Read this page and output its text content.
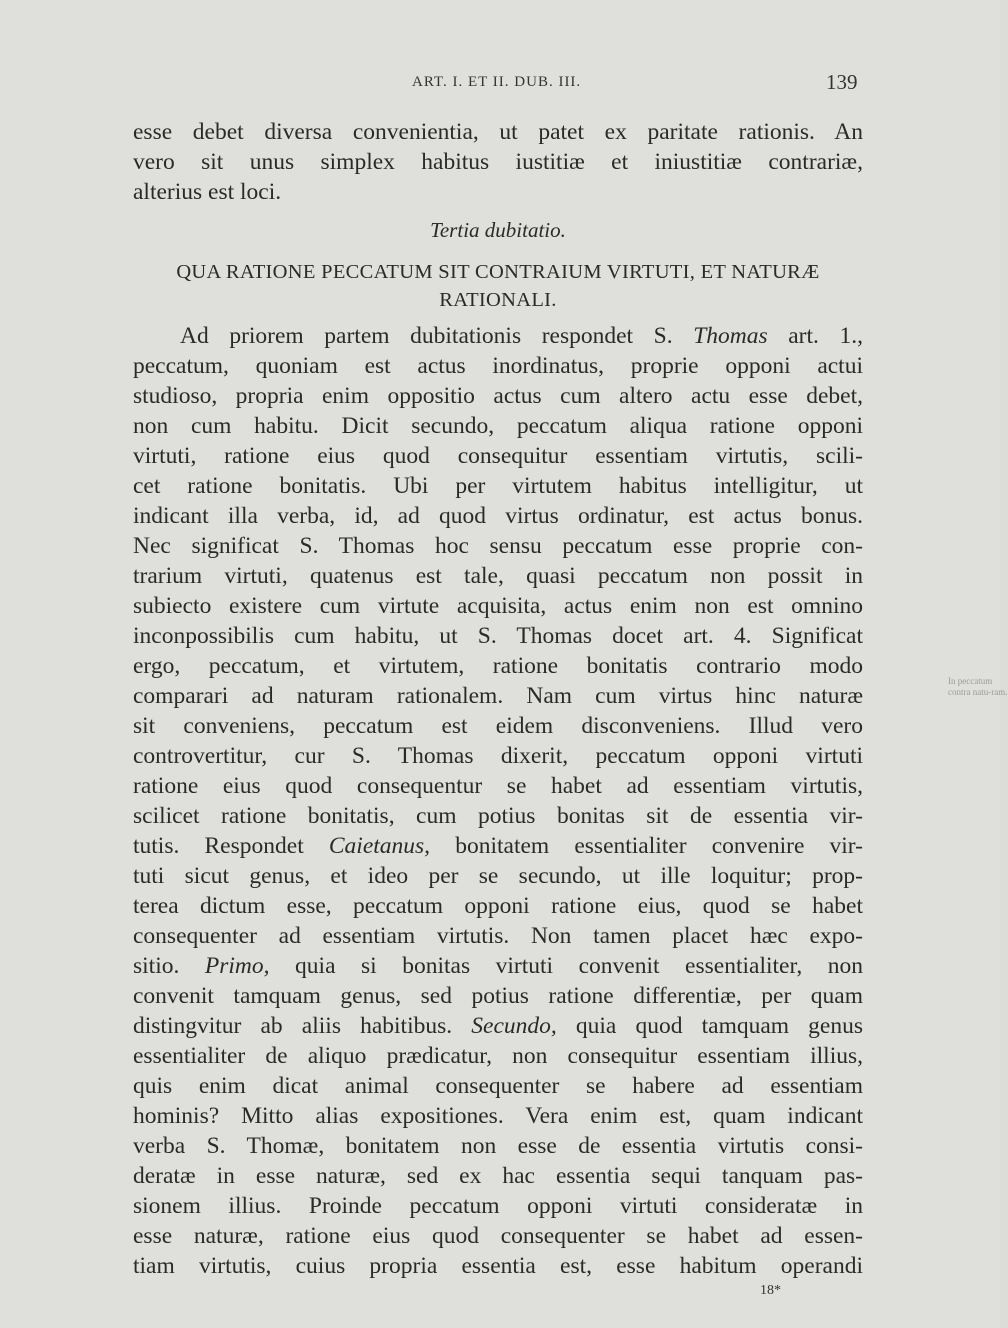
ART. I. ET II. DUB. III.	139
esse debet diversa convenientia, ut patet ex paritate rationis. An
vero sit unus simplex habitus iustitiæ et iniustitiæ contrariæ,
alterius est loci.
Tertia dubitatio.
QUA RATIONE PECCATUM SIT CONTRAIUM VIRTUTI, ET NATURÆ
RATIONALI.
Ad priorem partem dubitationis respondet S. Thomas art. 1.,
peccatum, quoniam est actus inordinatus, proprie opponi actui
studioso, propria enim oppositio actus cum altero actu esse debet,
non cum habitu. Dicit secundo, peccatum aliqua ratione opponi
virtuti, ratione eius quod consequitur essentiam virtutis, scili-
cet ratione bonitatis. Ubi per virtutem habitus intelligitur, ut
indicant illa verba, id, ad quod virtus ordinatur, est actus bonus.
Nec significat S. Thomas hoc sensu peccatum esse proprie con-
trarium virtuti, quatenus est tale, quasi peccatum non possit in
subiecto existere cum virtute acquisita, actus enim non est omnino
inconpossibilis cum habitu, ut S. Thomas docet art. 4. Significat
ergo, peccatum, et virtutem, ratione bonitatis contrario modo
comparari ad naturam rationalem. Nam cum virtus hinc naturæ
sit conveniens, peccatum est eidem disconveniens. Illud vero
controvertitur, cur S. Thomas dixerit, peccatum opponi virtuti
ratione eius quod consequentur se habet ad essentiam virtutis,
scilicet ratione bonitatis, cum potius bonitas sit de essentia vir-
tutis. Respondet Caietanus, bonitatem essentialiter convenire vir-
tuti sicut genus, et ideo per se secundo, ut ille loquitur; prop-
terea dictum esse, peccatum opponi ratione eius, quod se habet
consequenter ad essentiam virtutis. Non tamen placet hæc expo-
sitio. Primo, quia si bonitas virtuti convenit essentialiter, non
convenit tamquam genus, sed potius ratione differentiæ, per quam
distingvitur ab aliis habitibus. Secundo, quia quod tamquam genus
essentialiter de aliquo prædicatur, non consequitur essentiam illius,
quis enim dicat animal consequenter se habere ad essentiam
hominis? Mitto alias expositiones. Vera enim est, quam indicant
verba S. Thomæ, bonitatem non esse de essentia virtutis consi-
deratæ in esse naturæ, sed ex hac essentia sequi tanquam pas-
sionem illius. Proinde peccatum opponi virtuti consideratæ in
esse naturæ, ratione eius quod consequenter se habet ad essen-
tiam virtutis, cuius propria essentia est, esse habitum operandi
18*
In peccatum contra natu-ram.
